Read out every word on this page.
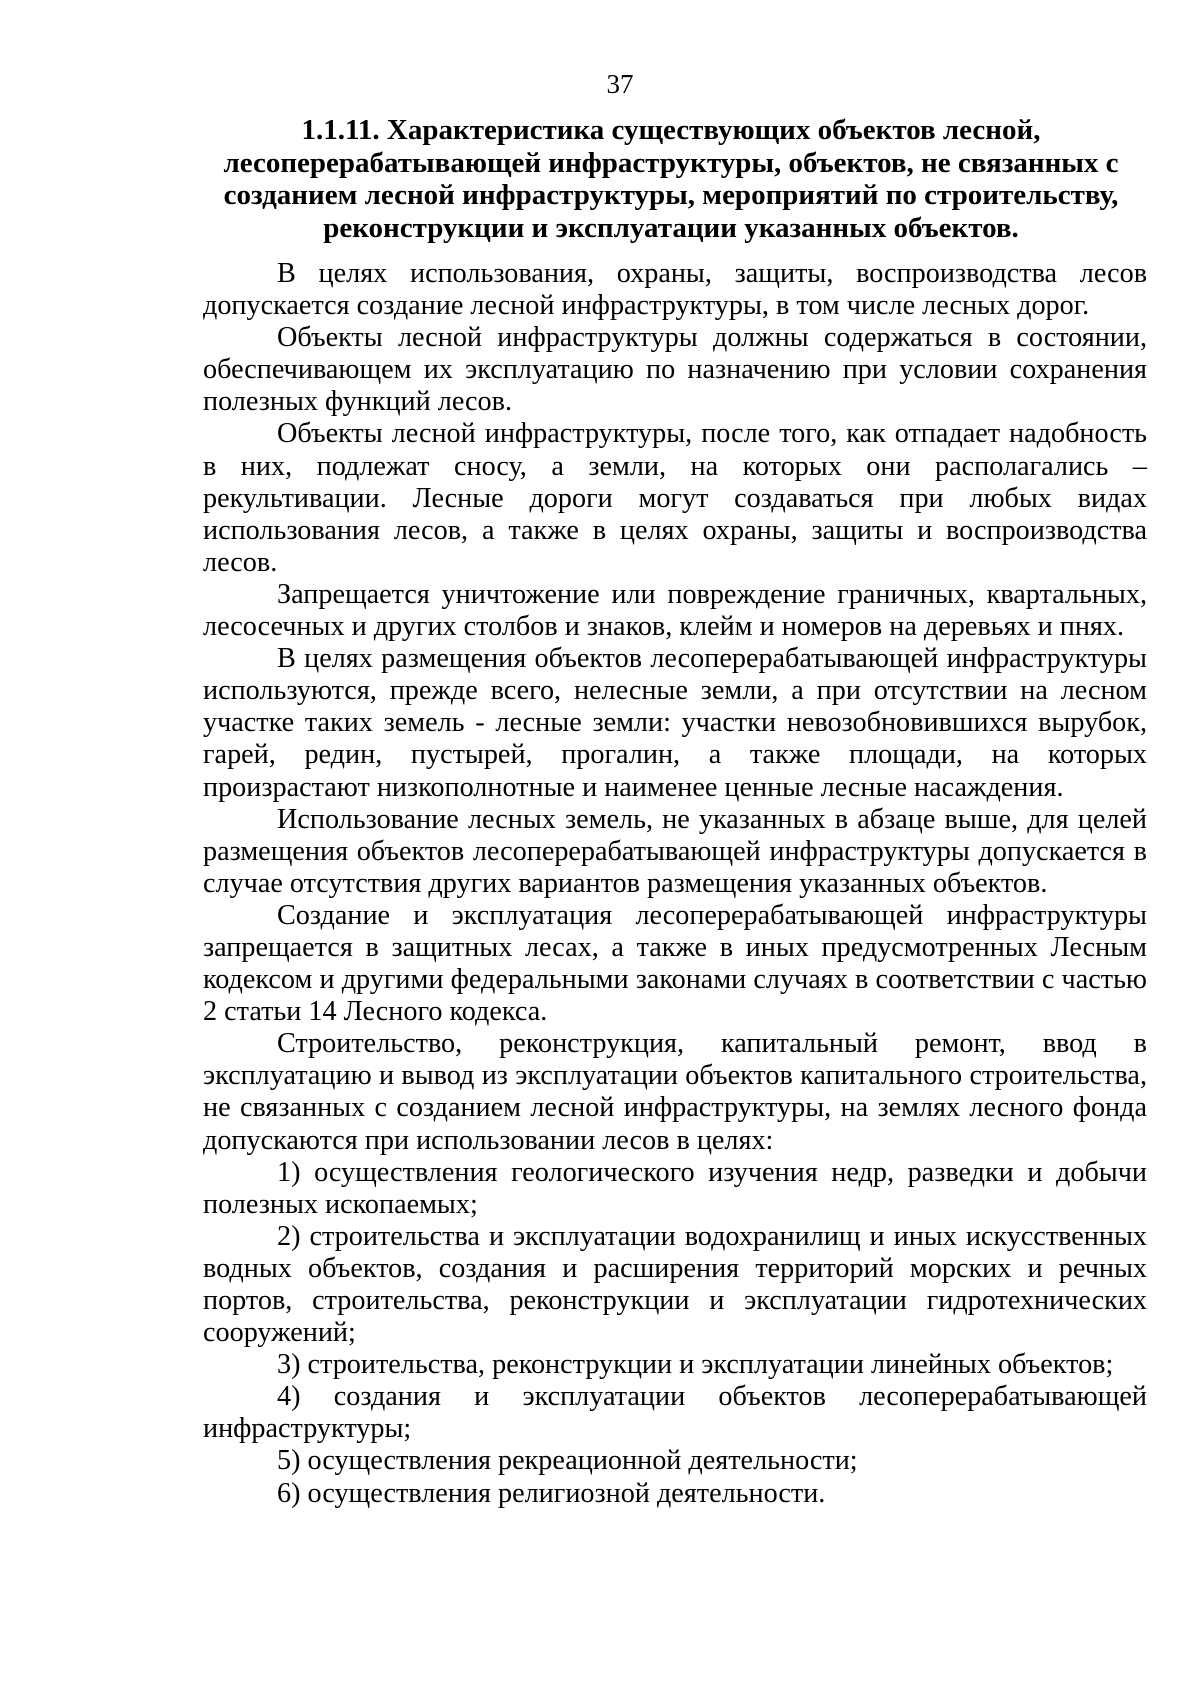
37
1.1.11. Характеристика существующих объектов лесной, лесоперерабатывающей инфраструктуры, объектов, не связанных с созданием лесной инфраструктуры, мероприятий по строительству, реконструкции и эксплуатации указанных объектов.

В целях использования, охраны, защиты, воспроизводства лесов допускается создание лесной инфраструктуры, в том числе лесных дорог.

Объекты лесной инфраструктуры должны содержаться в состоянии, обеспечивающем их эксплуатацию по назначению при условии сохранения полезных функций лесов.

Объекты лесной инфраструктуры, после того, как отпадает надобность в них, подлежат сносу, а земли, на которых они располагались – рекультивации. Лесные дороги могут создаваться при любых видах использования лесов, а также в целях охраны, защиты и воспроизводства лесов.

Запрещается уничтожение или повреждение граничных, квартальных, лесосечных и других столбов и знаков, клейм и номеров на деревьях и пнях.

В целях размещения объектов лесоперерабатывающей инфраструктуры используются, прежде всего, нелесные земли, а при отсутствии на лесном участке таких земель - лесные земли: участки невозобновившихся вырубок, гарей, редин, пустырей, прогалин, а также площади, на которых произрастают низкополнотные и наименее ценные лесные насаждения.

Использование лесных земель, не указанных в абзаце выше, для целей размещения объектов лесоперерабатывающей инфраструктуры допускается в случае отсутствия других вариантов размещения указанных объектов.

Создание и эксплуатация лесоперерабатывающей инфраструктуры запрещается в защитных лесах, а также в иных предусмотренных Лесным кодексом и другими федеральными законами случаях в соответствии с частью 2 статьи 14 Лесного кодекса.

Строительство, реконструкция, капитальный ремонт, ввод в эксплуатацию и вывод из эксплуатации объектов капитального строительства, не связанных с созданием лесной инфраструктуры, на землях лесного фонда допускаются при использовании лесов в целях:

1) осуществления геологического изучения недр, разведки и добычи полезных ископаемых;

2) строительства и эксплуатации водохранилищ и иных искусственных водных объектов, создания и расширения территорий морских и речных портов, строительства, реконструкции и эксплуатации гидротехнических сооружений;

3) строительства, реконструкции и эксплуатации линейных объектов;

4) создания и эксплуатации объектов лесоперерабатывающей инфраструктуры;

5) осуществления рекреационной деятельности;

6) осуществления религиозной деятельности.
